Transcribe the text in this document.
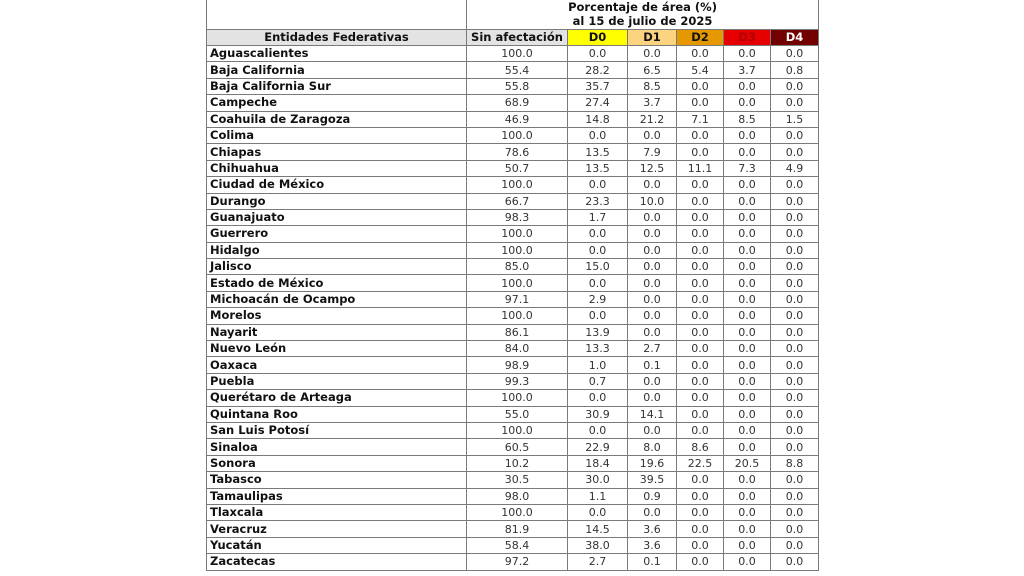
	Porcentaje de área (%)
al 15 de julio de 2025					

Entidades Federativas	Sin afectación	D0	D1	D2	D3	D4
Aguascalientes	100.0	0.0	0.0	0.0	0.0	0.0
Baja California	55.4	28.2	6.5	5.4	3.7	0.8
Baja California Sur	55.8	35.7	8.5	0.0	0.0	0.0
Campeche	68.9	27.4	3.7	0.0	0.0	0.0
Coahuila de Zaragoza	46.9	14.8	21.2	7.1	8.5	1.5
Colima	100.0	0.0	0.0	0.0	0.0	0.0
Chiapas	78.6	13.5	7.9	0.0	0.0	0.0
Chihuahua	50.7	13.5	12.5	11.1	7.3	4.9
Ciudad de México	100.0	0.0	0.0	0.0	0.0	0.0
Durango	66.7	23.3	10.0	0.0	0.0	0.0
Guanajuato	98.3	1.7	0.0	0.0	0.0	0.0
Guerrero	100.0	0.0	0.0	0.0	0.0	0.0
Hidalgo	100.0	0.0	0.0	0.0	0.0	0.0
Jalisco	85.0	15.0	0.0	0.0	0.0	0.0
Estado de México	100.0	0.0	0.0	0.0	0.0	0.0
Michoacán de Ocampo	97.1	2.9	0.0	0.0	0.0	0.0
Morelos	100.0	0.0	0.0	0.0	0.0	0.0
Nayarit	86.1	13.9	0.0	0.0	0.0	0.0
Nuevo León	84.0	13.3	2.7	0.0	0.0	0.0
Oaxaca	98.9	1.0	0.1	0.0	0.0	0.0
Puebla	99.3	0.7	0.0	0.0	0.0	0.0
Querétaro de Arteaga	100.0	0.0	0.0	0.0	0.0	0.0
Quintana Roo	55.0	30.9	14.1	0.0	0.0	0.0
San Luis Potosí	100.0	0.0	0.0	0.0	0.0	0.0
Sinaloa	60.5	22.9	8.0	8.6	0.0	0.0
Sonora	10.2	18.4	19.6	22.5	20.5	8.8
Tabasco	30.5	30.0	39.5	0.0	0.0	0.0
Tamaulipas	98.0	1.1	0.9	0.0	0.0	0.0
Tlaxcala	100.0	0.0	0.0	0.0	0.0	0.0
Veracruz	81.9	14.5	3.6	0.0	0.0	0.0
Yucatán	58.4	38.0	3.6	0.0	0.0	0.0
Zacatecas	97.2	2.7	0.1	0.0	0.0	0.0
